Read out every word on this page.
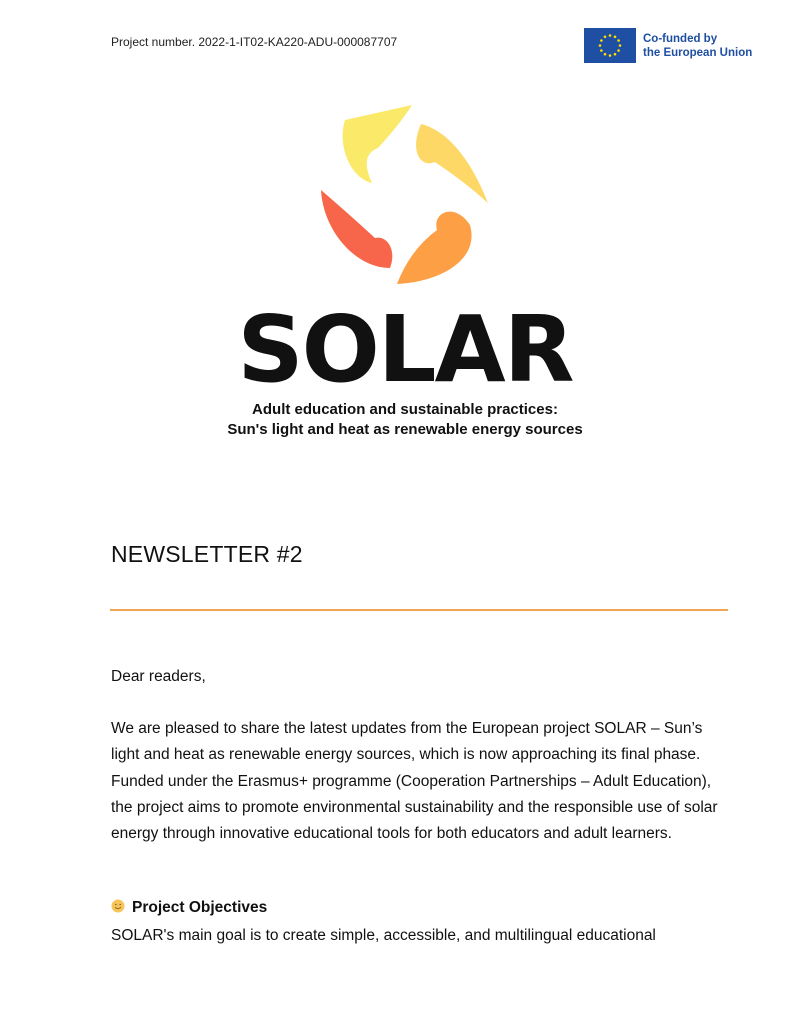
Project number. 2022-1-IT02-KA220-ADU-000087707	Co-funded by
the European Union
SOLAR
Adult education and sustainable practices:
Sun's light and heat as renewable energy sources
NEWSLETTER #2
Dear readers,

We are pleased to share the latest updates from the European project SOLAR – Sun’s light and heat as renewable energy sources, which is now approaching its final phase. Funded under the Erasmus+ programme (Cooperation Partnerships – Adult Education), the project aims to promote environmental sustainability and the responsible use of solar energy through innovative educational tools for both educators and adult learners.

Project Objectives
SOLAR's main goal is to create simple, accessible, and multilingual educational
